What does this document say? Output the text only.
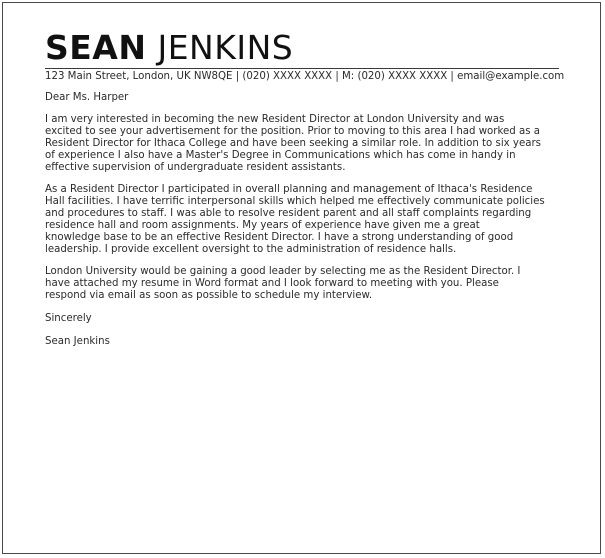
SEAN JENKINS
123 Main Street, London, UK NW8QE | (020) XXXX XXXX | M: (020) XXXX XXXX | email@example.com
Dear Ms. Harper
I am very interested in becoming the new Resident Director at London University and was
excited to see your advertisement for the position. Prior to moving to this area I had worked as a
Resident Director for Ithaca College and have been seeking a similar role. In addition to six years
of experience I also have a Master's Degree in Communications which has come in handy in
effective supervision of undergraduate resident assistants.
As a Resident Director I participated in overall planning and management of Ithaca's Residence
Hall facilities. I have terrific interpersonal skills which helped me effectively communicate policies
and procedures to staff. I was able to resolve resident parent and all staff complaints regarding
residence hall and room assignments. My years of experience have given me a great
knowledge base to be an effective Resident Director. I have a strong understanding of good
leadership. I provide excellent oversight to the administration of residence halls.
London University would be gaining a good leader by selecting me as the Resident Director. I
have attached my resume in Word format and I look forward to meeting with you. Please
respond via email as soon as possible to schedule my interview.
Sincerely
Sean Jenkins
